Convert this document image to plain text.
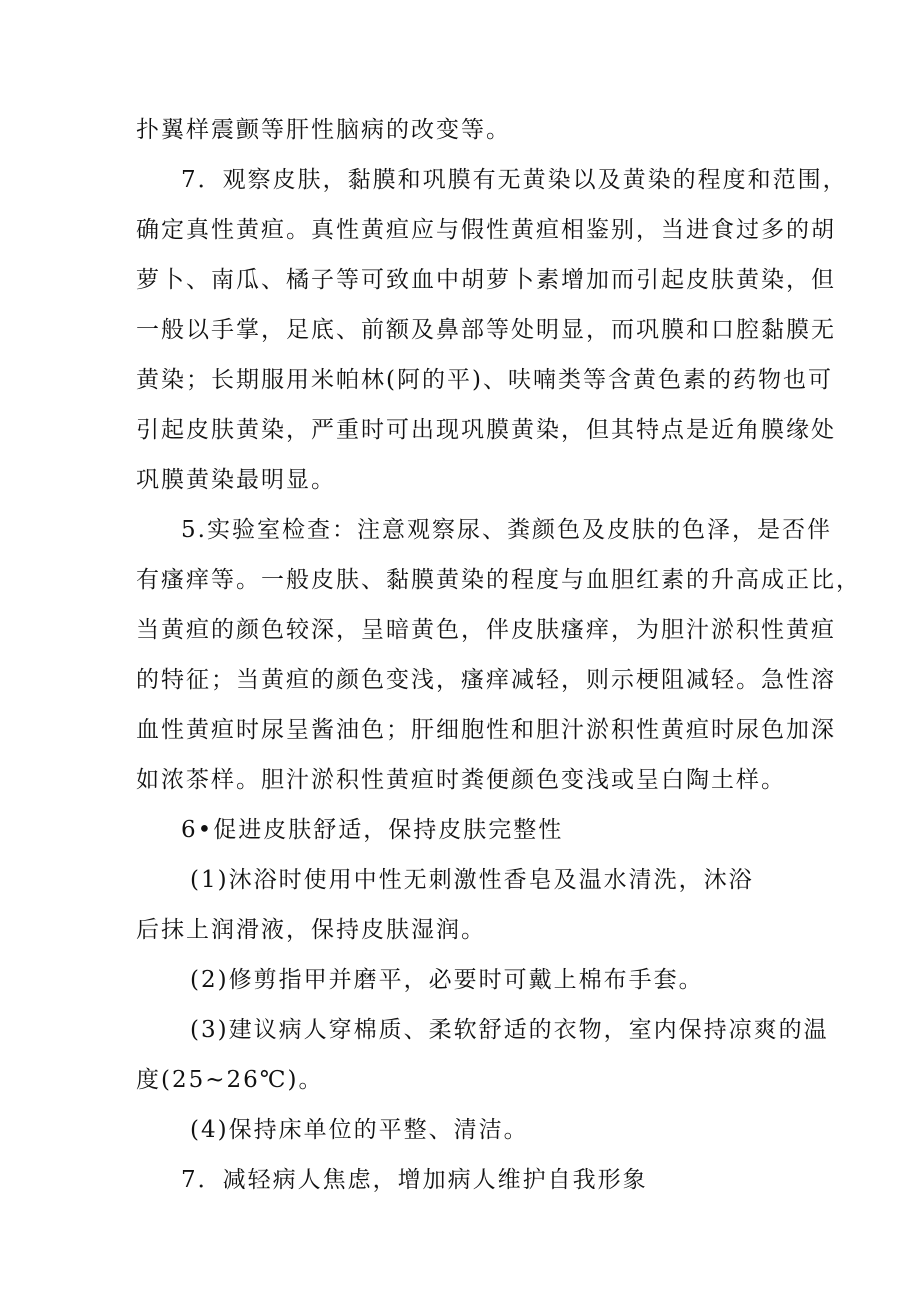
扑翼样震颤等肝性脑病的改变等。
7．观察皮肤，黏膜和巩膜有无黄染以及黄染的程度和范围，
确定真性黄疸。真性黄疸应与假性黄疸相鉴别，当进食过多的胡
萝卜、南瓜、橘子等可致血中胡萝卜素增加而引起皮肤黄染，但
一般以手掌，足底、前额及鼻部等处明显，而巩膜和口腔黏膜无
黄染；长期服用米帕林(阿的平)、呋喃类等含黄色素的药物也可
引起皮肤黄染，严重时可出现巩膜黄染，但其特点是近角膜缘处
巩膜黄染最明显。
5.实验室检查：注意观察尿、粪颜色及皮肤的色泽，是否伴
有瘙痒等。一般皮肤、黏膜黄染的程度与血胆红素的升高成正比，
当黄疸的颜色较深，呈暗黄色，伴皮肤瘙痒，为胆汁淤积性黄疸
的特征；当黄疸的颜色变浅，瘙痒减轻，则示梗阻减轻。急性溶
血性黄疸时尿呈酱油色；肝细胞性和胆汁淤积性黄疸时尿色加深
如浓茶样。胆汁淤积性黄疸时粪便颜色变浅或呈白陶土样。
6•促进皮肤舒适，保持皮肤完整性
(1)沐浴时使用中性无刺激性香皂及温水清洗，沐浴
后抹上润滑液，保持皮肤湿润。
(2)修剪指甲并磨平，必要时可戴上棉布手套。
(3)建议病人穿棉质、柔软舒适的衣物，室内保持凉爽的温
度(25~26℃)。
(4)保持床单位的平整、清洁。
7．减轻病人焦虑，增加病人维护自我形象
